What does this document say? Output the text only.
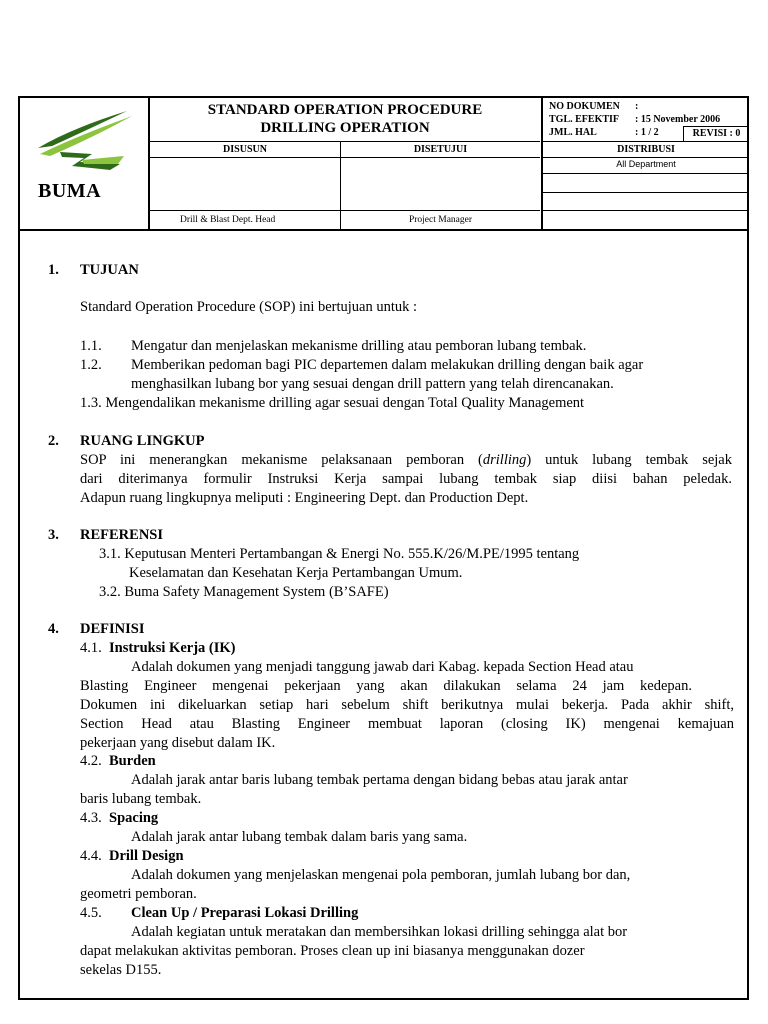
BUMA
STANDARD OPERATION PROCEDURE
DRILLING OPERATION
NO DOKUMEN :
TGL. EFEKTIF : 15 November 2006
JML. HAL	: 1 / 2	REVISI : 0
DISUSUN
Drill & Blast Dept. Head
DISETUJUI
Project Manager
DISTRIBUSI
All Department
1. TUJUAN
Standard Operation Procedure (SOP) ini bertujuan untuk :
1.1. Mengatur dan menjelaskan mekanisme drilling atau pemboran lubang tembak.
1.2. Memberikan pedoman bagi PIC departemen dalam melakukan drilling dengan baik agar
menghasilkan lubang bor yang sesuai dengan drill pattern yang telah direncanakan.
1.3. Mengendalikan mekanisme drilling agar sesuai dengan Total Quality Management
2. RUANG LINGKUP
SOP ini menerangkan mekanisme pelaksanaan pemboran (drilling) untuk lubang tembak sejak
dari diterimanya formulir Instruksi Kerja sampai lubang tembak siap diisi bahan peledak.
Adapun ruang lingkupnya meliputi : Engineering Dept. dan Production Dept.
3. REFERENSI
3.1. Keputusan Menteri Pertambangan & Energi No. 555.K/26/M.PE/1995 tentang
Keselamatan dan Kesehatan Kerja Pertambangan Umum.
3.2. Buma Safety Management System (B’SAFE)
4. DEFINISI
4.1. Instruksi Kerja (IK)
Adalah dokumen yang menjadi tanggung jawab dari Kabag. kepada Section Head atau
Blasting Engineer mengenai pekerjaan yang akan dilakukan selama 24 jam kedepan.
Dokumen ini dikeluarkan setiap hari sebelum shift berikutnya mulai bekerja. Pada akhir shift,
Section Head atau Blasting Engineer membuat laporan (closing IK) mengenai kemajuan
pekerjaan yang disebut dalam IK.
4.2. Burden
Adalah jarak antar baris lubang tembak pertama dengan bidang bebas atau jarak antar
baris lubang tembak.
4.3. Spacing
Adalah jarak antar lubang tembak dalam baris yang sama.
4.4. Drill Design
Adalah dokumen yang menjelaskan mengenai pola pemboran, jumlah lubang bor dan,
geometri pemboran.
4.5. Clean Up / Preparasi Lokasi Drilling
Adalah kegiatan untuk meratakan dan membersihkan lokasi drilling sehingga alat bor
dapat melakukan aktivitas pemboran. Proses clean up ini biasanya menggunakan dozer
sekelas D155.
